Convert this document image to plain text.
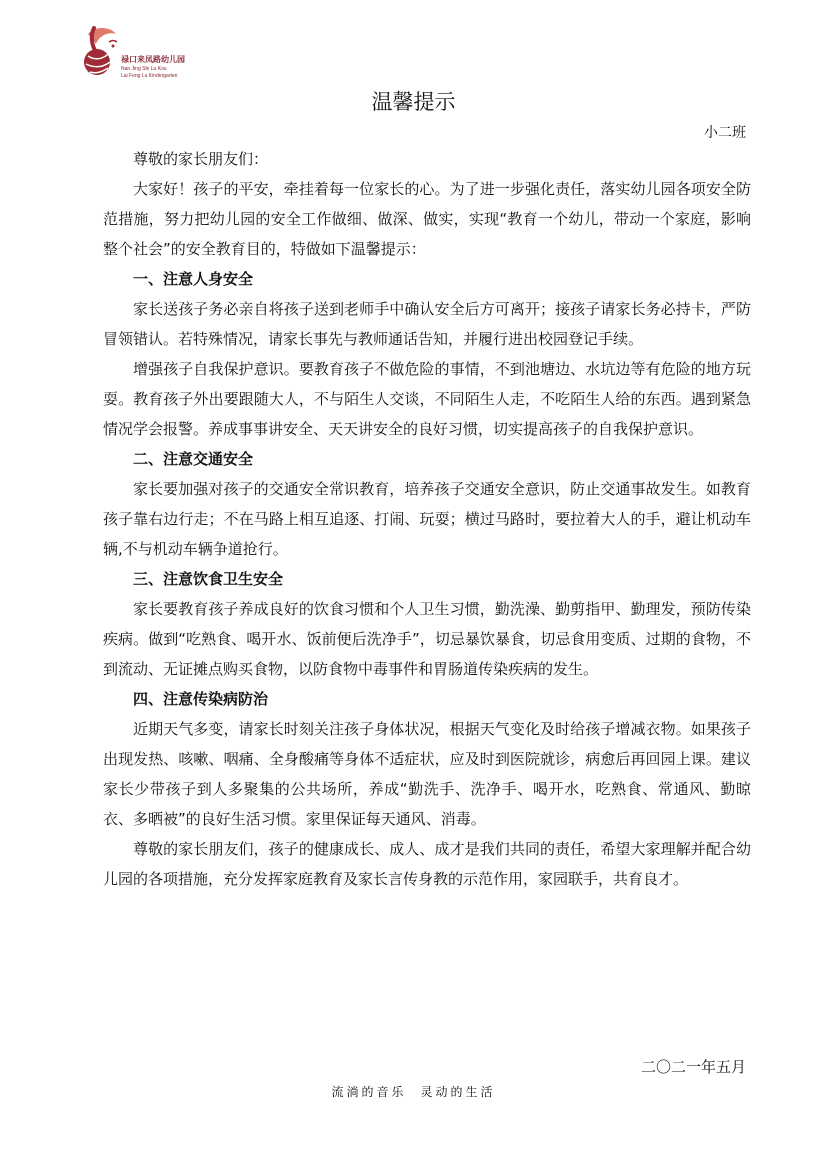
禄口来凤路幼儿园
Nan Jing Shi Lu Kou
Lai Feng Lu Kindergarten
温馨提示
小二班

尊敬的家长朋友们：

大家好！孩子的平安，牵挂着每一位家长的心。为了进一步强化责任，落实幼儿园各项安全防范措施，努力把幼儿园的安全工作做细、做深、做实，实现“教育一个幼儿，带动一个家庭，影响整个社会”的安全教育目的，特做如下温馨提示：

一、注意人身安全

家长送孩子务必亲自将孩子送到老师手中确认安全后方可离开；接孩子请家长务必持卡，严防冒领错认。若特殊情况，请家长事先与教师通话告知，并履行进出校园登记手续。

增强孩子自我保护意识。要教育孩子不做危险的事情，不到池塘边、水坑边等有危险的地方玩耍。教育孩子外出要跟随大人，不与陌生人交谈，不同陌生人走，不吃陌生人给的东西。遇到紧急情况学会报警。养成事事讲安全、天天讲安全的良好习惯，切实提高孩子的自我保护意识。

二、注意交通安全

家长要加强对孩子的交通安全常识教育，培养孩子交通安全意识，防止交通事故发生。如教育孩子靠右边行走；不在马路上相互追逐、打闹、玩耍；横过马路时，要拉着大人的手，避让机动车辆,不与机动车辆争道抢行。

三、注意饮食卫生安全

家长要教育孩子养成良好的饮食习惯和个人卫生习惯，勤洗澡、勤剪指甲、勤理发，预防传染疾病。做到“吃熟食、喝开水、饭前便后洗净手”，切忌暴饮暴食，切忌食用变质、过期的食物，不到流动、无证摊点购买食物，以防食物中毒事件和胃肠道传染疾病的发生。

四、注意传染病防治

近期天气多变，请家长时刻关注孩子身体状况，根据天气变化及时给孩子增减衣物。如果孩子出现发热、咳嗽、咽痛、全身酸痛等身体不适症状，应及时到医院就诊，病愈后再回园上课。建议家长少带孩子到人多聚集的公共场所，养成“勤洗手、洗净手、喝开水，吃熟食、常通风、勤晾衣、多晒被”的良好生活习惯。家里保证每天通风、消毒。

尊敬的家长朋友们，孩子的健康成长、成人、成才是我们共同的责任，希望大家理解并配合幼儿园的各项措施，充分发挥家庭教育及家长言传身教的示范作用，家园联手，共育良才。

二〇二一年五月
流淌的音乐 灵动的生活
